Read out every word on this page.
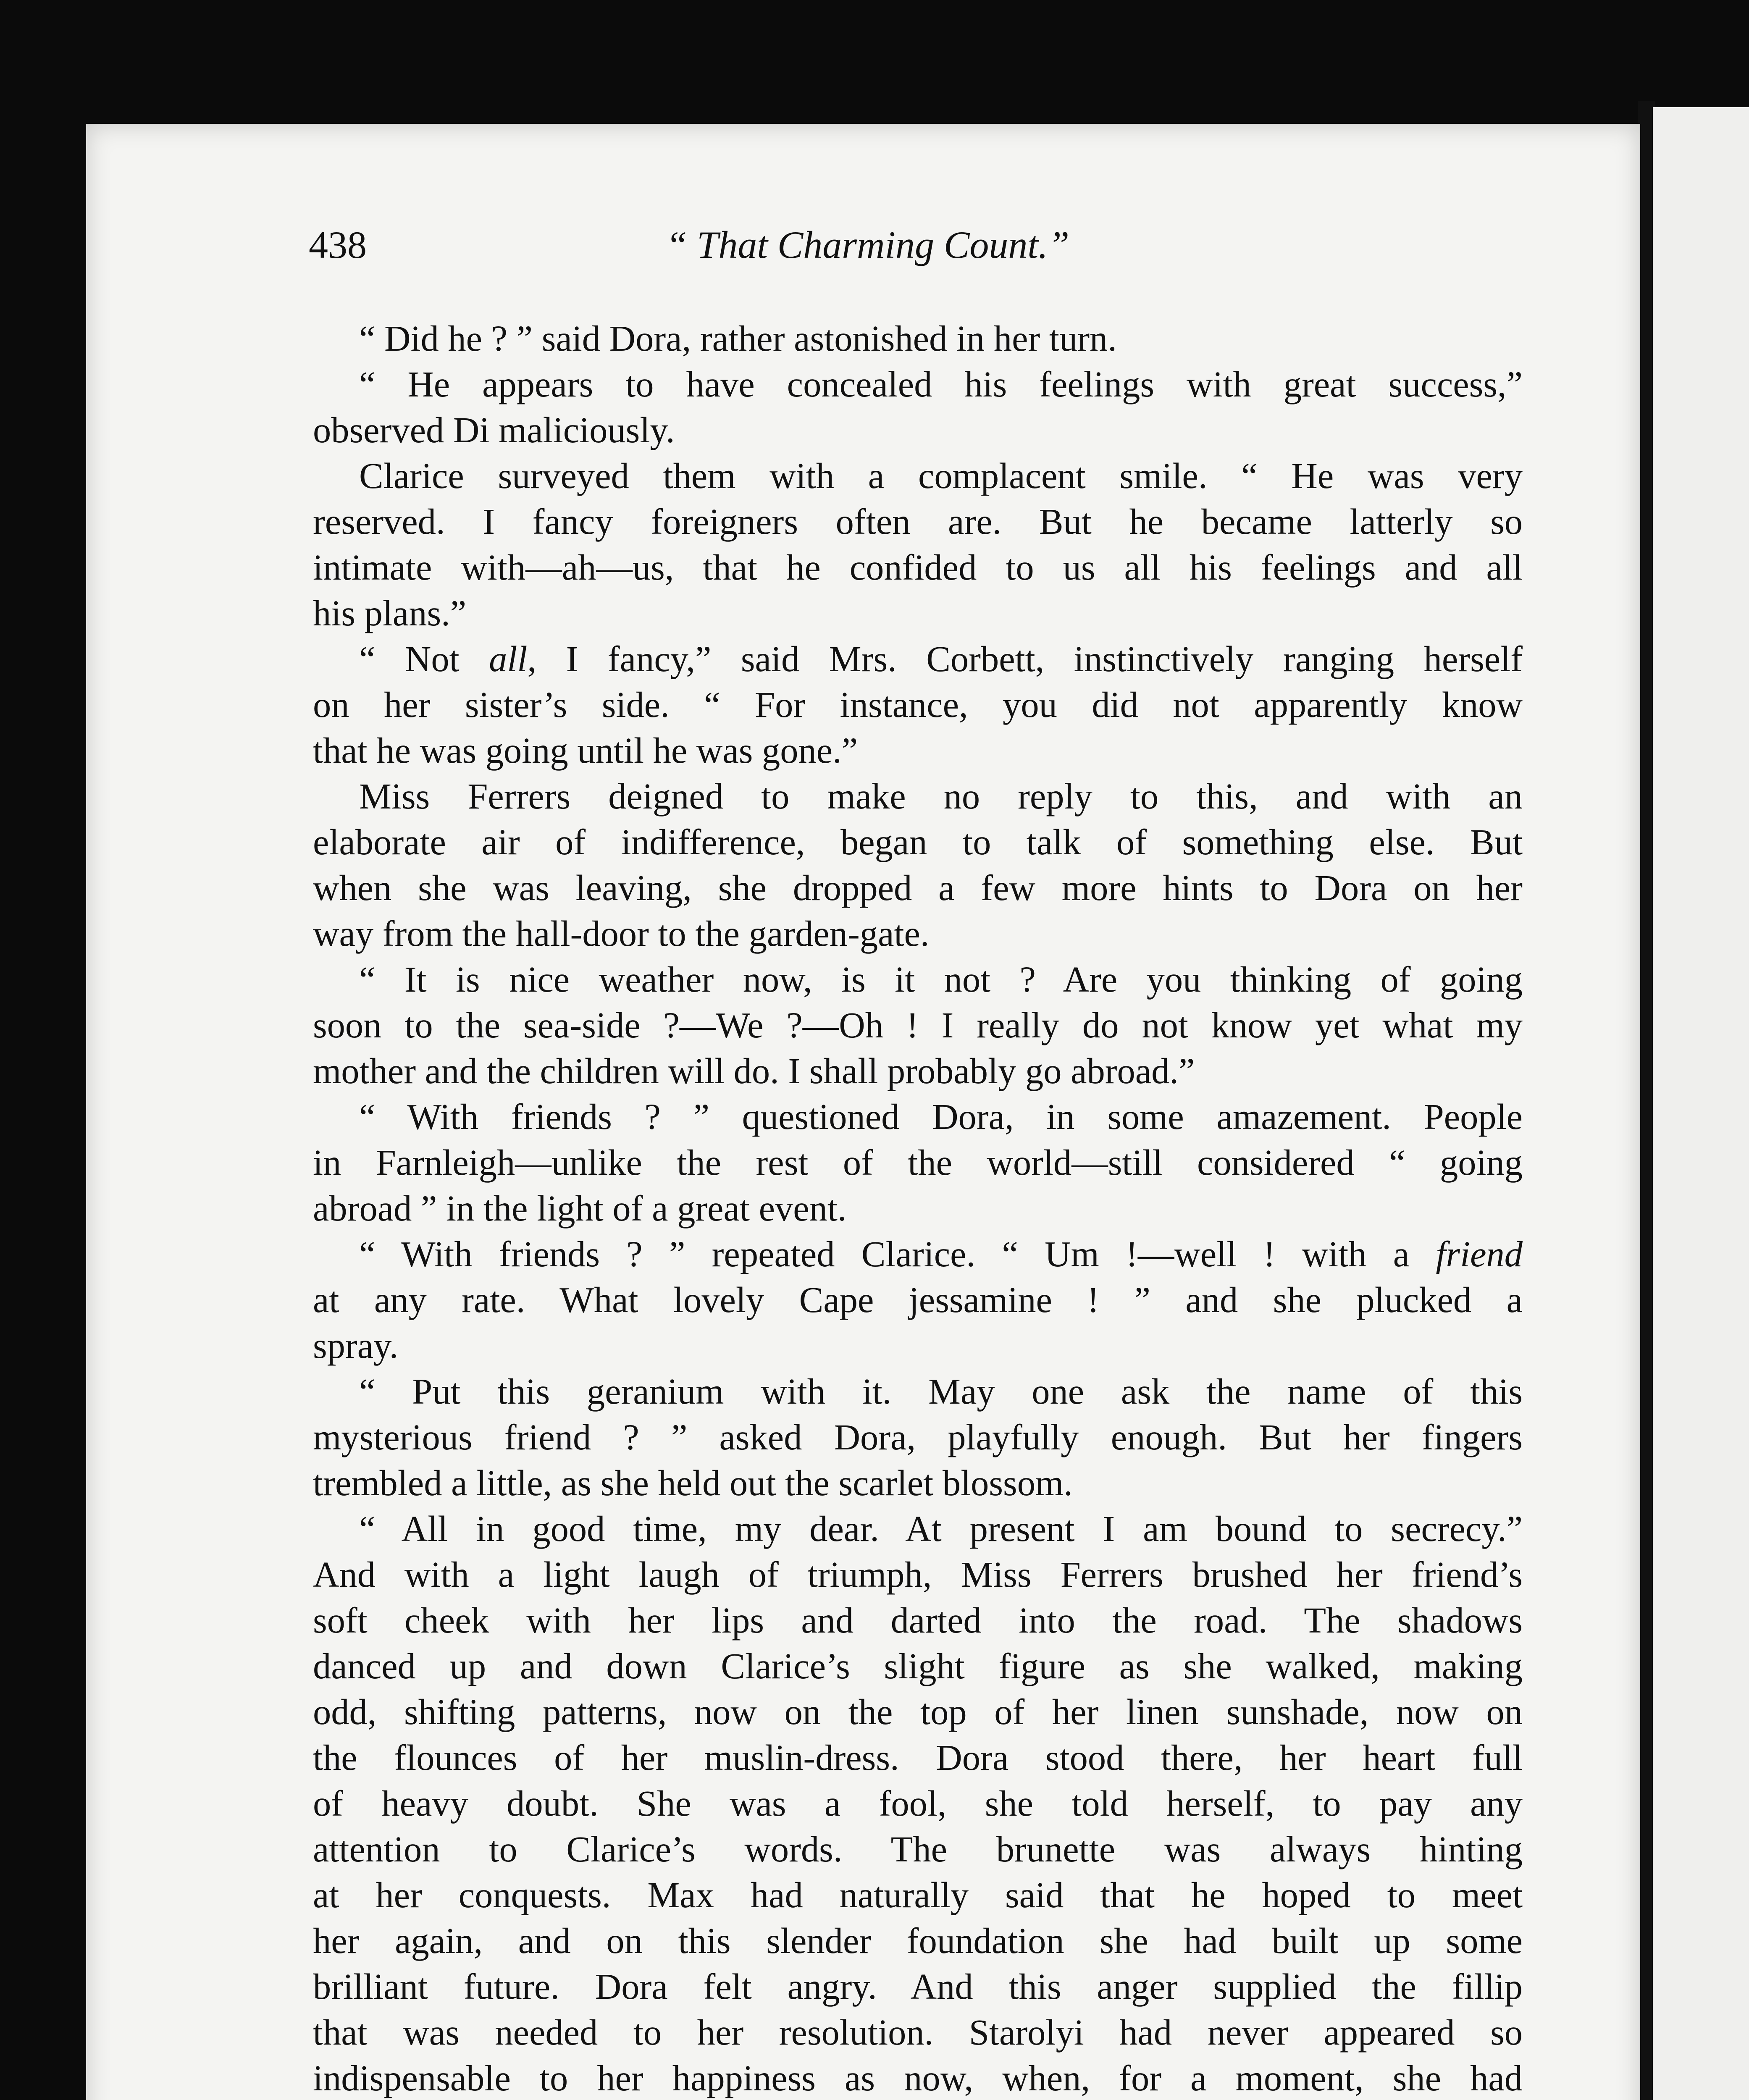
438	“ That Charming Count.”
“ Did he ? ” said Dora, rather astonished in her turn.
“ He appears to have concealed his feelings with great success,”
observed Di maliciously.
Clarice surveyed them with a complacent smile. “ He was very
reserved. I fancy foreigners often are. But he became latterly so
intimate with—ah—us, that he confided to us all his feelings and all
his plans.”
“ Not all, I fancy,” said Mrs. Corbett, instinctively ranging herself
on her sister’s side. “ For instance, you did not apparently know
that he was going until he was gone.”
Miss Ferrers deigned to make no reply to this, and with an
elaborate air of indifference, began to talk of something else. But
when she was leaving, she dropped a few more hints to Dora on her
way from the hall-door to the garden-gate.
“ It is nice weather now, is it not ? Are you thinking of going
soon to the sea-side ?—We ?—Oh ! I really do not know yet what my
mother and the children will do. I shall probably go abroad.”
“ With friends ? ” questioned Dora, in some amazement. People
in Farnleigh—unlike the rest of the world—still considered “ going
abroad ” in the light of a great event.
“ With friends ? ” repeated Clarice. “ Um !—well ! with a friend
at any rate. What lovely Cape jessamine ! ” and she plucked a
spray.
“ Put this geranium with it. May one ask the name of this
mysterious friend ? ” asked Dora, playfully enough. But her fingers
trembled a little, as she held out the scarlet blossom.
“ All in good time, my dear. At present I am bound to secrecy.”
And with a light laugh of triumph, Miss Ferrers brushed her friend’s
soft cheek with her lips and darted into the road. The shadows
danced up and down Clarice’s slight figure as she walked, making
odd, shifting patterns, now on the top of her linen sunshade, now on
the flounces of her muslin-dress. Dora stood there, her heart full
of heavy doubt. She was a fool, she told herself, to pay any
attention to Clarice’s words. The brunette was always hinting
at her conquests. Max had naturally said that he hoped to meet
her again, and on this slender foundation she had built up some
brilliant future. Dora felt angry. And this anger supplied the fillip
that was needed to her resolution. Starolyi had never appeared so
indispensable to her happiness as now, when, for a moment, she had
